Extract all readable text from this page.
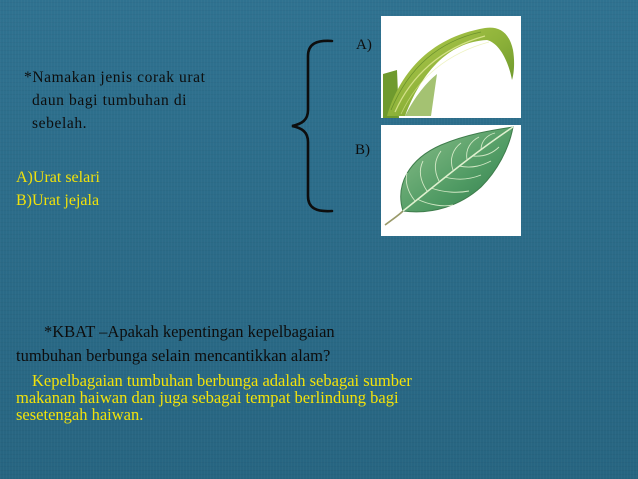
*Namakan jenis corak urat
daun bagi tumbuhan di
sebelah.
A)Urat selari
B)Urat jejala
A)
B)
*KBAT –Apakah kepentingan kepelbagaian
tumbuhan berbunga selain mencantikkan alam?
Kepelbagaian tumbuhan berbunga adalah sebagai sumber
makanan haiwan dan juga sebagai tempat berlindung bagi
sesetengah haiwan.
